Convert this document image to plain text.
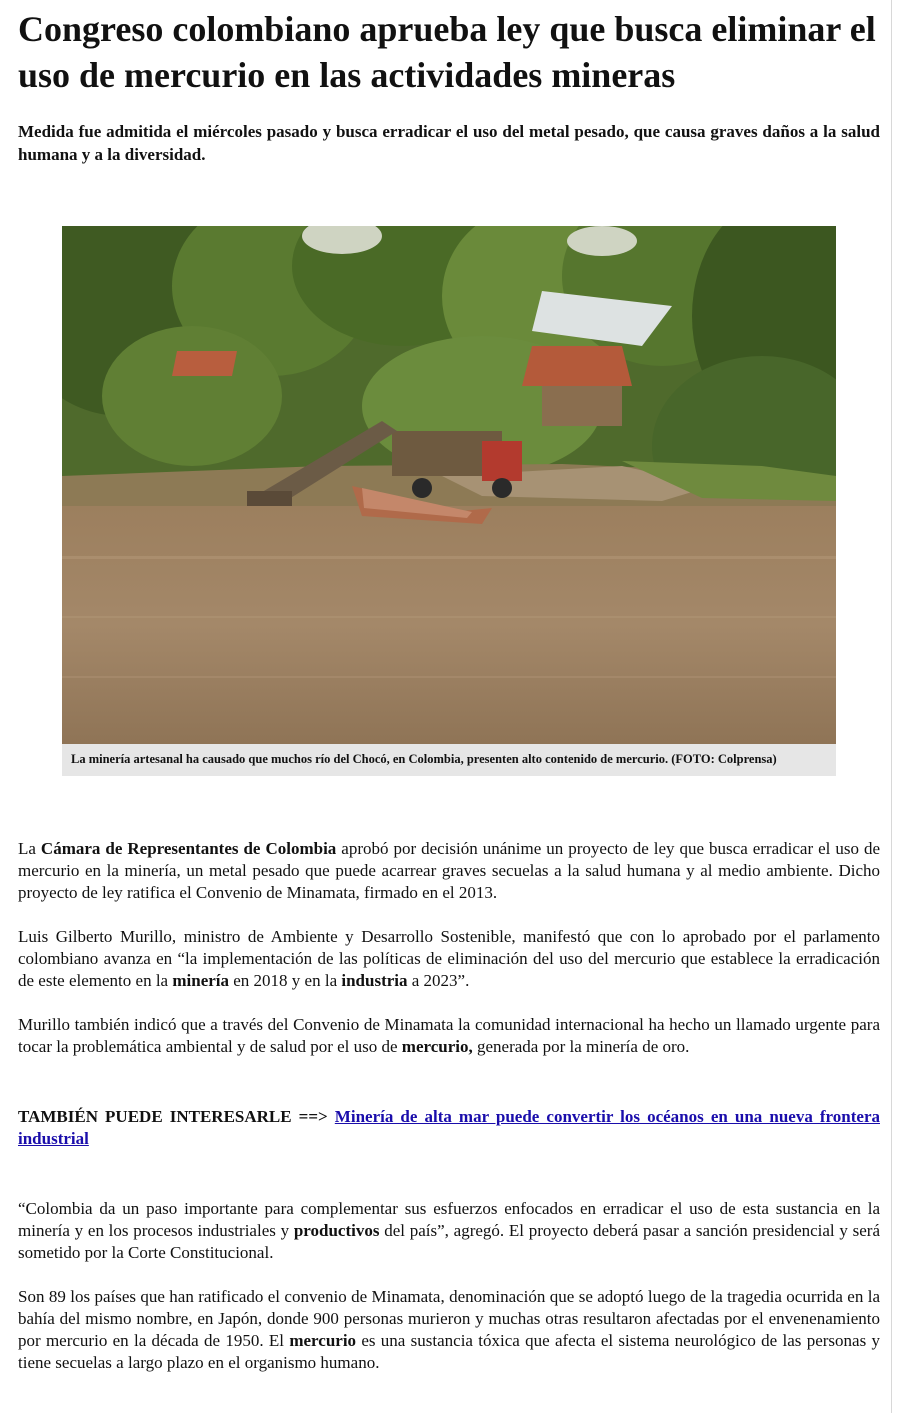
Congreso colombiano aprueba ley que busca eliminar el uso de mercurio en las actividades mineras

Medida fue admitida el miércoles pasado y busca erradicar el uso del metal pesado, que causa graves daños a la salud humana y a la diversidad.

La minería artesanal ha causado que muchos río del Chocó, en Colombia, presenten alto contenido de mercurio. (FOTO: Colprensa)

La Cámara de Representantes de Colombia aprobó por decisión unánime un proyecto de ley que busca erradicar el uso de mercurio en la minería, un metal pesado que puede acarrear graves secuelas a la salud humana y al medio ambiente. Dicho proyecto de ley ratifica el Convenio de Minamata, firmado en el 2013.

Luis Gilberto Murillo, ministro de Ambiente y Desarrollo Sostenible, manifestó que con lo aprobado por el parlamento colombiano avanza en “la implementación de las políticas de eliminación del uso del mercurio que establece la erradicación de este elemento en la minería en 2018 y en la industria a 2023”.

Murillo también indicó que a través del Convenio de Minamata la comunidad internacional ha hecho un llamado urgente para tocar la problemática ambiental y de salud por el uso de mercurio, generada por la minería de oro.

TAMBIÉN PUEDE INTERESARLE ==> Minería de alta mar puede convertir los océanos en una nueva frontera industrial

“Colombia da un paso importante para complementar sus esfuerzos enfocados en erradicar el uso de esta sustancia en la minería y en los procesos industriales y productivos del país”, agregó. El proyecto deberá pasar a sanción presidencial y será sometido por la Corte Constitucional.

Son 89 los países que han ratificado el convenio de Minamata, denominación que se adoptó luego de la tragedia ocurrida en la bahía del mismo nombre, en Japón, donde 900 personas murieron y muchas otras resultaron afectadas por el envenenamiento por mercurio en la década de 1950. El mercurio es una sustancia tóxica que afecta el sistema neurológico de las personas y tiene secuelas a largo plazo en el organismo humano.
